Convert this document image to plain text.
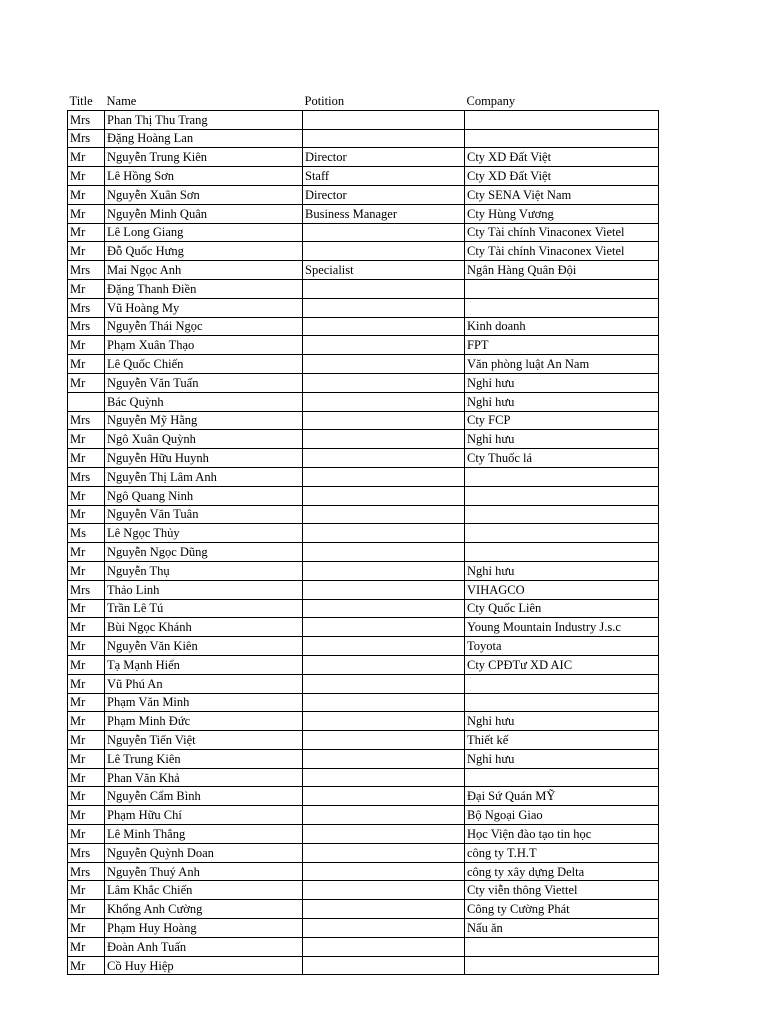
Title	Name	Potition	Company
Mrs	Phan Thị Thu Trang		
Mrs	Đặng Hoàng Lan		
Mr	Nguyễn Trung Kiên	Director	Cty XD Đất Việt
Mr	Lê Hồng Sơn	Staff	Cty XD Đất Việt
Mr	Nguyễn Xuân Sơn	Director	Cty SENA Việt Nam
Mr	Nguyễn Minh Quân	Business Manager	Cty Hùng Vương
Mr	Lê Long Giang		Cty Tài chính Vinaconex Vietel
Mr	Đỗ Quốc Hưng		Cty Tài chính Vinaconex Vietel
Mrs	Mai Ngọc Anh	Specialist	Ngân Hàng Quân Đội
Mr	Đặng Thanh Điền		
Mrs	Vũ Hoàng My		
Mrs	Nguyễn Thái Ngọc		Kinh doanh
Mr	Phạm Xuân Thạo		FPT
Mr	Lê Quốc Chiến		Văn phòng luật An Nam
Mr	Nguyễn Văn Tuấn		Nghỉ hưu
	Bác Quỳnh		Nghỉ hưu
Mrs	Nguyễn Mỹ Hằng		Cty FCP
Mr	Ngô Xuân Quỳnh		Nghỉ hưu
Mr	Nguyễn Hữu Huynh		Cty Thuốc lá
Mrs	Nguyễn Thị Lâm Anh		
Mr	Ngô Quang Ninh		
Mr	Nguyễn Văn Tuân		
Ms	Lê Ngọc Thủy		
Mr	Nguyễn Ngọc Dũng		
Mr	Nguyễn Thụ		Nghỉ hưu
Mrs	Thảo Linh		VIHAGCO
Mr	Trần Lê Tú		Cty Quốc Liên
Mr	Bùi Ngọc Khánh		Young Mountain Industry J.s.c
Mr	Nguyễn Văn Kiên		Toyota
Mr	Tạ Mạnh Hiển		Cty CPĐTư XD AIC
Mr	Vũ Phú An		
Mr	Phạm Văn Minh		
Mr	Phạm Minh Đức		Nghỉ hưu
Mr	Nguyễn Tiến Việt		Thiết kế
Mr	Lê Trung Kiên		Nghỉ hưu
Mr	Phan Văn Khả		
Mr	Nguyễn Cẩm Bình		Đại Sứ Quán MỸ
Mr	Phạm Hữu Chí		Bộ Ngoại Giao
Mr	Lê Minh Thắng		Học Viện đào tạo tin học
Mrs	Nguyễn Quỳnh Doan		công ty T.H.T
Mrs	Nguyễn Thuý Anh		công ty xây dựng Delta
Mr	Lâm Khắc Chiến		Cty viễn thông Viettel
Mr	Khổng Anh Cường		Công ty Cường Phát
Mr	Phạm Huy Hoàng		Nấu ăn
Mr	Đoàn Anh Tuấn		
Mr	Cồ Huy Hiệp		
